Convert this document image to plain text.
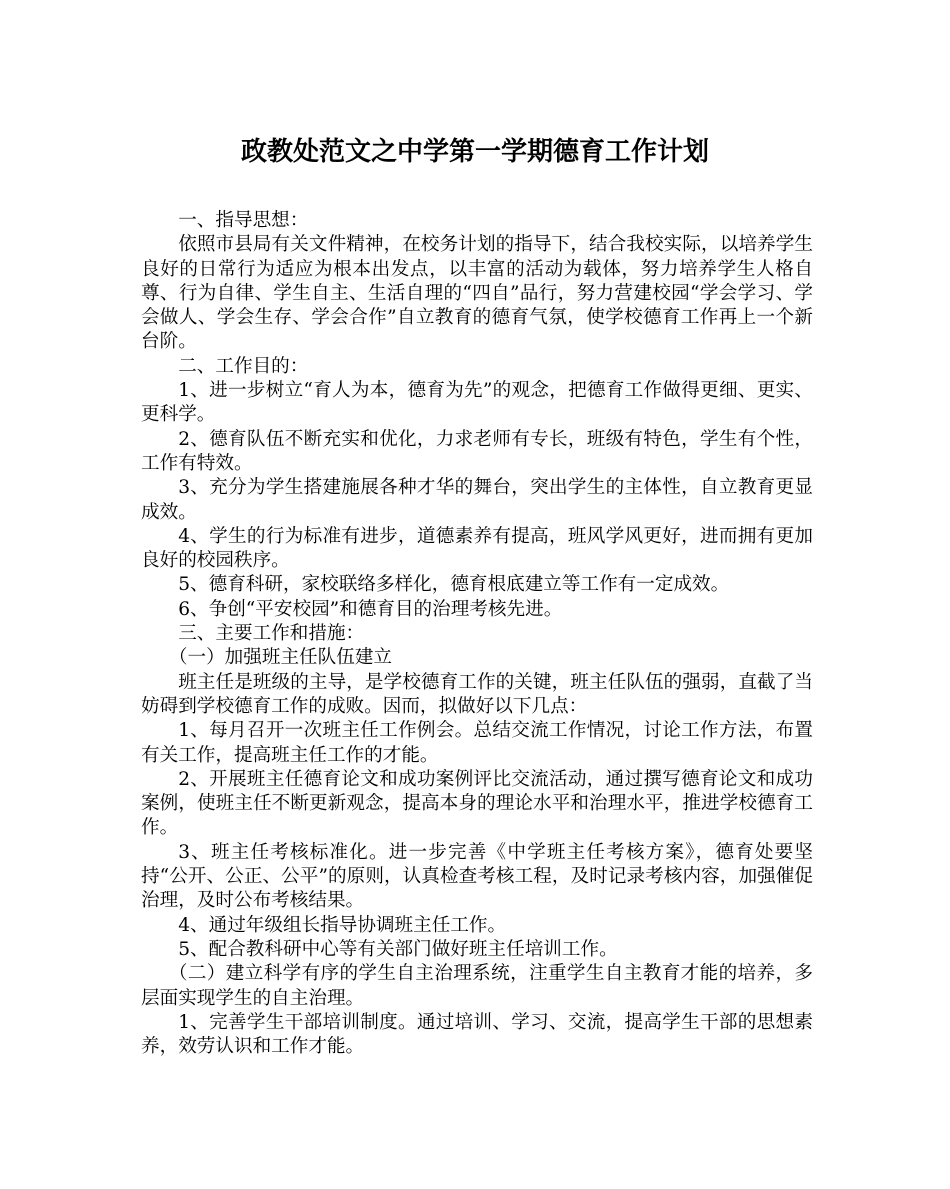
政教处范文之中学第一学期德育工作计划

一、指导思想：

依照市县局有关文件精神，在校务计划的指导下，结合我校实际，以培养学生良好的日常行为适应为根本出发点，以丰富的活动为载体，努力培养学生人格自尊、行为自律、学生自主、生活自理的“四自”品行，努力营建校园“学会学习、学会做人、学会生存、学会合作”自立教育的德育气氛，使学校德育工作再上一个新台阶。

二、工作目的：

1、进一步树立“育人为本，德育为先”的观念，把德育工作做得更细、更实、更科学。

2、德育队伍不断充实和优化，力求老师有专长，班级有特色，学生有个性，工作有特效。

3、充分为学生搭建施展各种才华的舞台，突出学生的主体性，自立教育更显成效。

4、学生的行为标准有进步，道德素养有提高，班风学风更好，进而拥有更加良好的校园秩序。

5、德育科研，家校联络多样化，德育根底建立等工作有一定成效。

6、争创“平安校园”和德育目的治理考核先进。

三、主要工作和措施：

（一）加强班主任队伍建立

班主任是班级的主导，是学校德育工作的关键，班主任队伍的强弱，直截了当妨碍到学校德育工作的成败。因而，拟做好以下几点：

1、每月召开一次班主任工作例会。总结交流工作情况，讨论工作方法，布置有关工作，提高班主任工作的才能。

2、开展班主任德育论文和成功案例评比交流活动，通过撰写德育论文和成功案例，使班主任不断更新观念，提高本身的理论水平和治理水平，推进学校德育工作。

3、班主任考核标准化。进一步完善《中学班主任考核方案》，德育处要坚持“公开、公正、公平”的原则，认真检查考核工程，及时记录考核内容，加强催促治理，及时公布考核结果。

4、通过年级组长指导协调班主任工作。

5、配合教科研中心等有关部门做好班主任培训工作。

（二）建立科学有序的学生自主治理系统，注重学生自主教育才能的培养，多层面实现学生的自主治理。

1、完善学生干部培训制度。通过培训、学习、交流，提高学生干部的思想素养，效劳认识和工作才能。
